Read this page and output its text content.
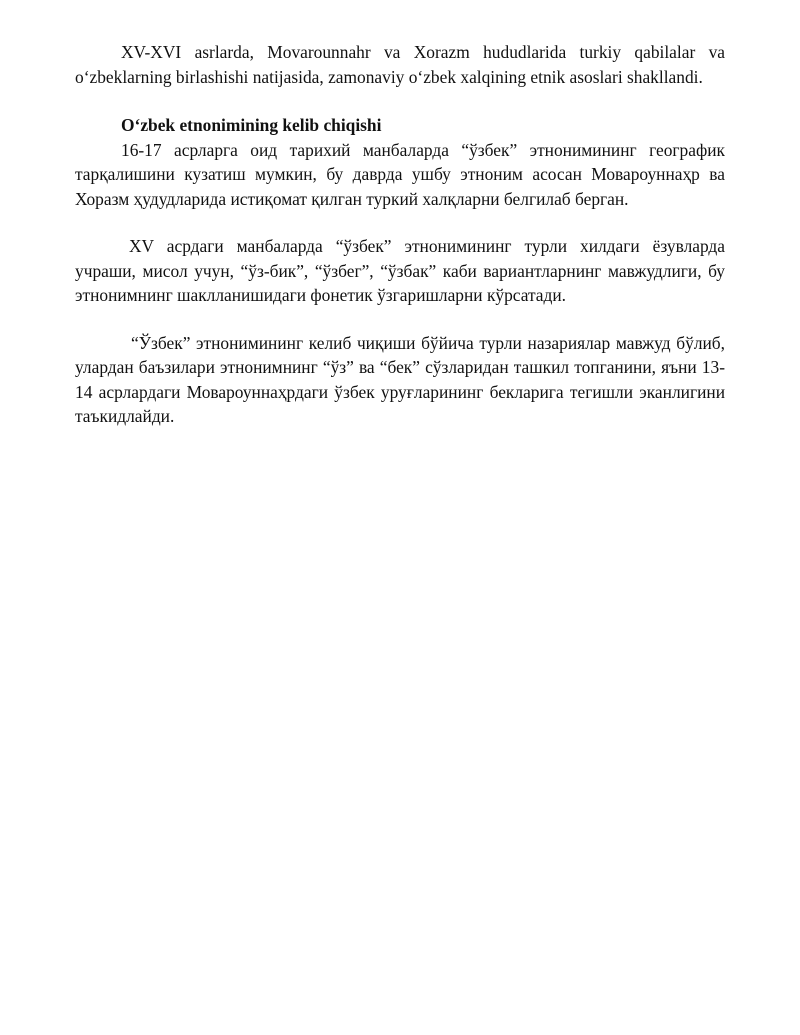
XV-XVI asrlarda, Movarounnahr va Xorazm hududlarida turkiy qabilalar va o‘zbeklarning birlashishi natijasida, zamonaviy o‘zbek xalqining etnik asoslari shakllandi.

O‘zbek etnonimining kelib chiqishi

16-17 асрларга оид тарихий манбаларда “ўзбек” этнонимининг географик тарқалишини кузатиш мумкин, бу даврда ушбу этноним асосан Мовароуннаҳр ва Хоразм ҳудудларида истиқомат қилган туркий халқларни белгилаб берган.

XV асрдаги манбаларда “ўзбек” этнонимининг турли хилдаги ёзувларда учраши, мисол учун, “ўз-бик”, “ўзбег”, “ўзбак” каби вариантларнинг мавжудлиги, бу этнонимнинг шаклланишидаги фонетик ўзгаришларни кўрсатади.

“Ўзбек” этнонимининг келиб чиқиши бўйича турли назариялар мавжуд бўлиб, улардан баъзилари этнонимнинг “ўз” ва “бек” сўзларидан ташкил топганини, яъни 13-14 асрлардаги Мовароуннаҳрдаги ўзбек уруғларининг бекларига тегишли эканлигини таъкидлайди.
